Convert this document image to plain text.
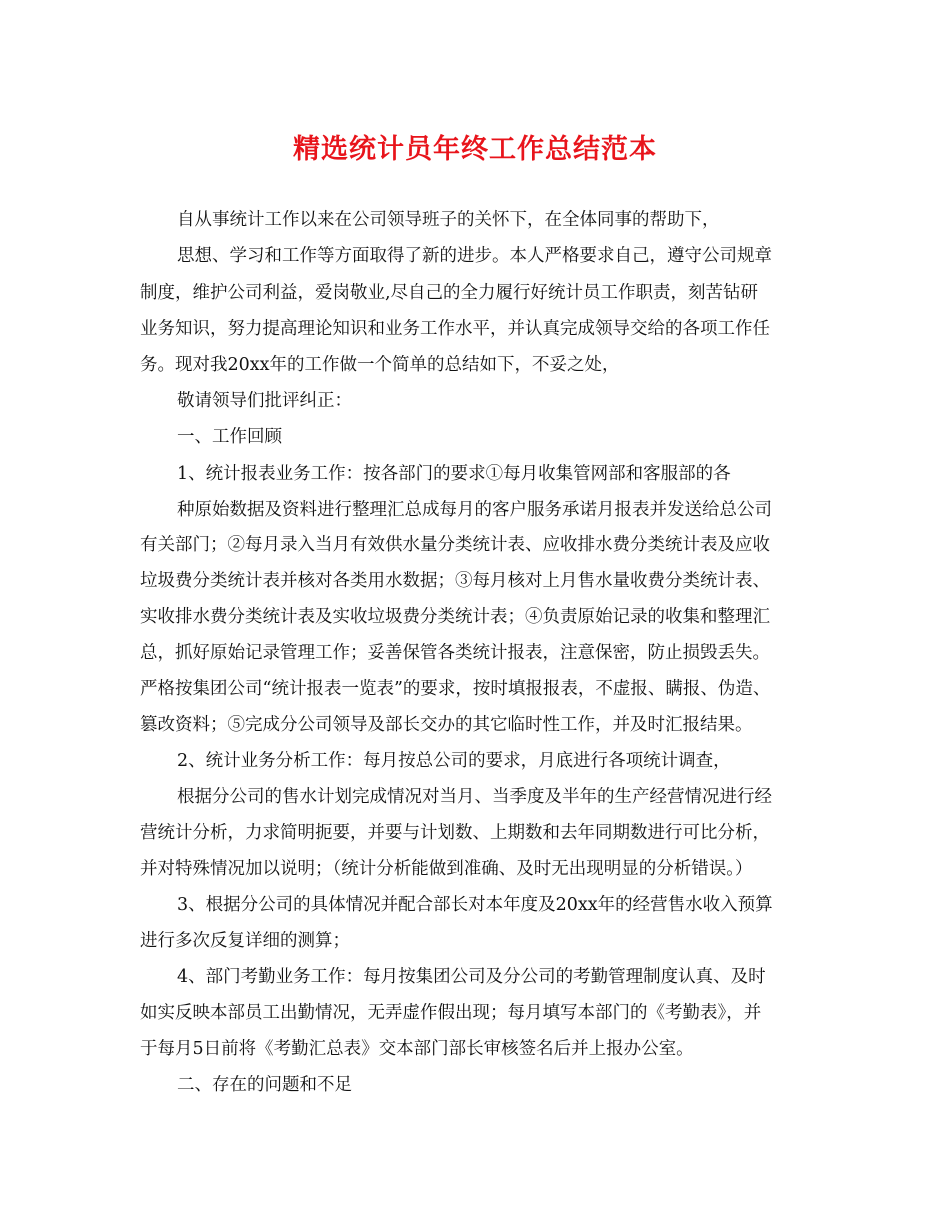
精选统计员年终工作总结范本

自从事统计工作以来在公司领导班子的关怀下，在全体同事的帮助下，

思想、学习和工作等方面取得了新的进步。本人严格要求自己，遵守公司规章

制度，维护公司利益，爱岗敬业,尽自己的全力履行好统计员工作职责，刻苦钻研

业务知识，努力提高理论知识和业务工作水平，并认真完成领导交给的各项工作任

务。现对我20xx年的工作做一个简单的总结如下，不妥之处，

敬请领导们批评纠正：

一、工作回顾

1、统计报表业务工作：按各部门的要求①每月收集管网部和客服部的各

种原始数据及资料进行整理汇总成每月的客户服务承诺月报表并发送给总公司

有关部门；②每月录入当月有效供水量分类统计表、应收排水费分类统计表及应收

垃圾费分类统计表并核对各类用水数据；③每月核对上月售水量收费分类统计表、

实收排水费分类统计表及实收垃圾费分类统计表；④负责原始记录的收集和整理汇

总，抓好原始记录管理工作；妥善保管各类统计报表，注意保密，防止损毁丢失。

严格按集团公司“统计报表一览表”的要求，按时填报报表，不虚报、瞒报、伪造、

篡改资料；⑤完成分公司领导及部长交办的其它临时性工作，并及时汇报结果。

2、统计业务分析工作：每月按总公司的要求，月底进行各项统计调查，

根据分公司的售水计划完成情况对当月、当季度及半年的生产经营情况进行经

营统计分析，力求简明扼要，并要与计划数、上期数和去年同期数进行可比分析，

并对特殊情况加以说明；（统计分析能做到准确、及时无出现明显的分析错误。）

3、根据分公司的具体情况并配合部长对本年度及20xx年的经营售水收入预算

进行多次反复详细的测算；

4、部门考勤业务工作：每月按集团公司及分公司的考勤管理制度认真、及时

如实反映本部员工出勤情况，无弄虚作假出现；每月填写本部门的《考勤表》，并

于每月5日前将《考勤汇总表》交本部门部长审核签名后并上报办公室。

二、存在的问题和不足
